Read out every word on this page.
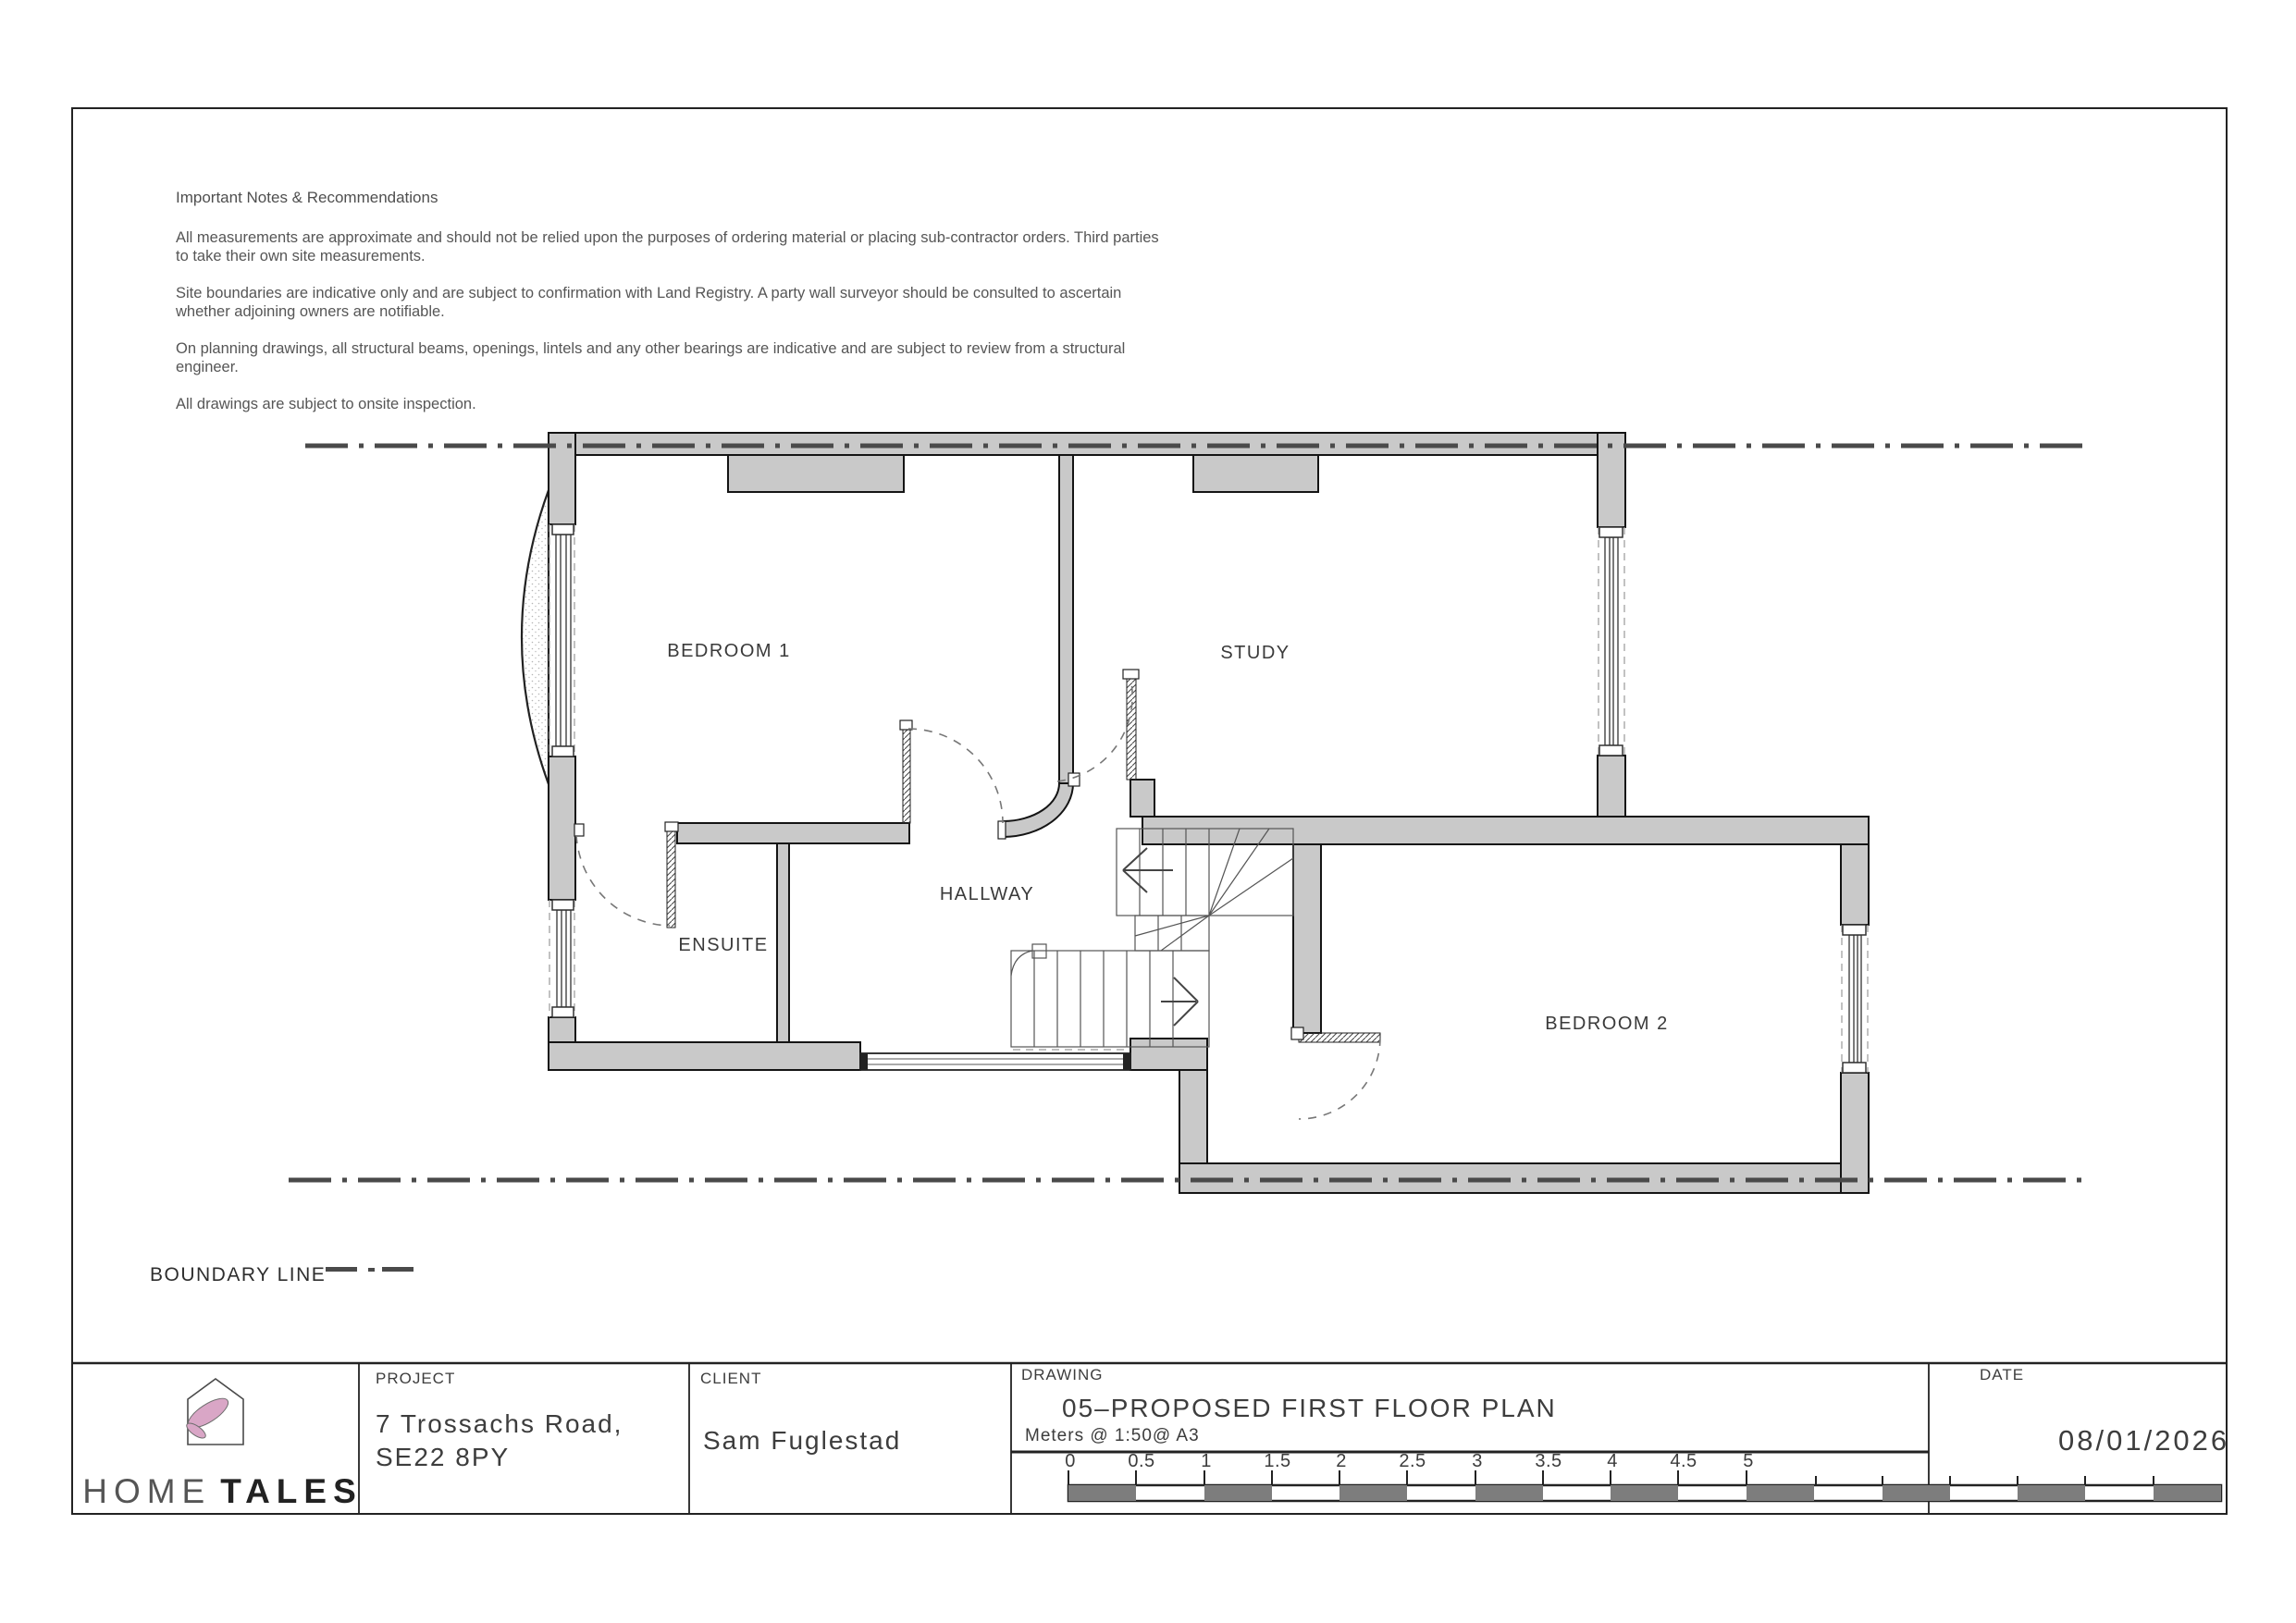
BEDROOM 1	STUDY
HALLWAY
ENSUITE
BEDROOM 2
BOUNDARY LINE
Meters @ 1:50@ A3
0	0.5 1	1.5 2	2.5 3	3.5 4	4.5 5
Important Notes & Recommendations

All measurements are approximate and should not be relied upon the purposes of ordering material or placing sub-contractor orders. Third parties
to take their own site measurements.

Site boundaries are indicative only and are subject to confirmation with Land Registry. A party wall surveyor should be consulted to ascertain
whether adjoining owners are notifiable.

On planning drawings, all structural beams, openings, lintels and any other bearings are indicative and are subject to review from a structural
engineer.

All drawings are subject to onsite inspection.

HOME TALES
PROJECT
7 Trossachs Road,
SE22 8PY
CLIENT
Sam Fuglestad
DRAWING
05–PROPOSED FIRST FLOOR PLAN
DATE
08/01/2026
